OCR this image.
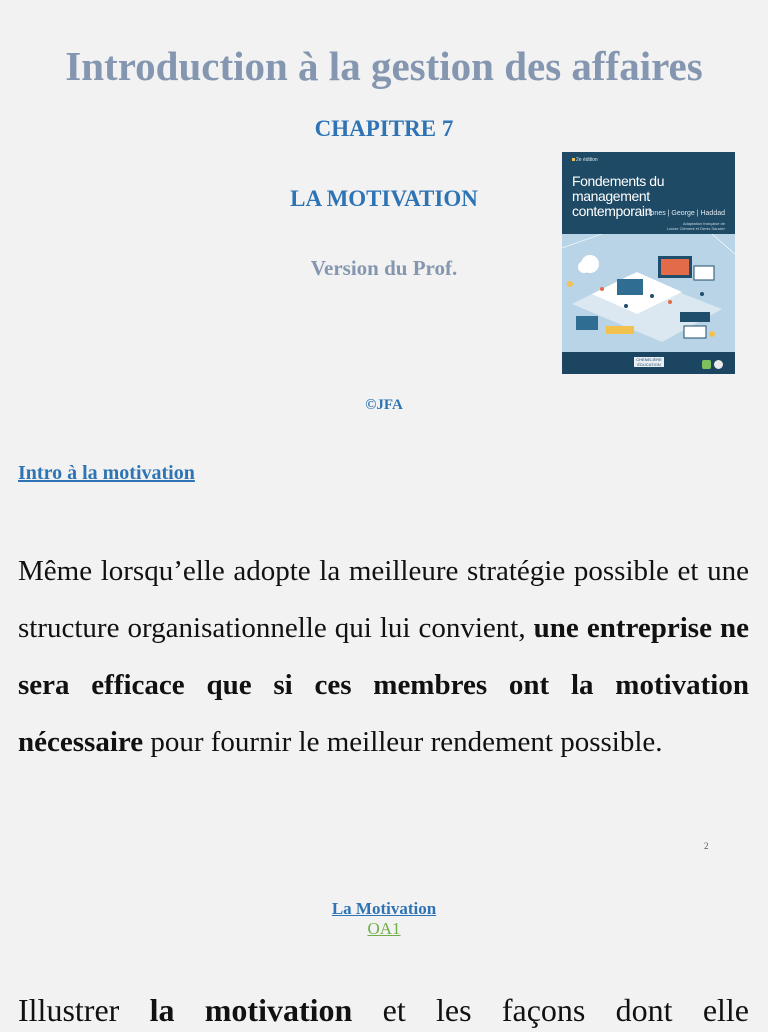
Introduction à la gestion des affaires
CHAPITRE 7
LA MOTIVATION
Version du Prof.
©JFA
2e édition
Fondements du
management contemporain
Jones | George | Haddad
Adaptation française de
Louise Clément et Denis Saucier
CHENELIÈRE ÉDUCATION
Intro à la motivation

Même lorsqu’elle adopte la meilleure stratégie possible et une structure organisationnelle qui lui convient, une entreprise ne sera efficace que si ces membres ont la motivation nécessaire pour fournir le meilleur rendement possible.

2
La Motivation
OA1

Illustrer la motivation et les façons dont elle
